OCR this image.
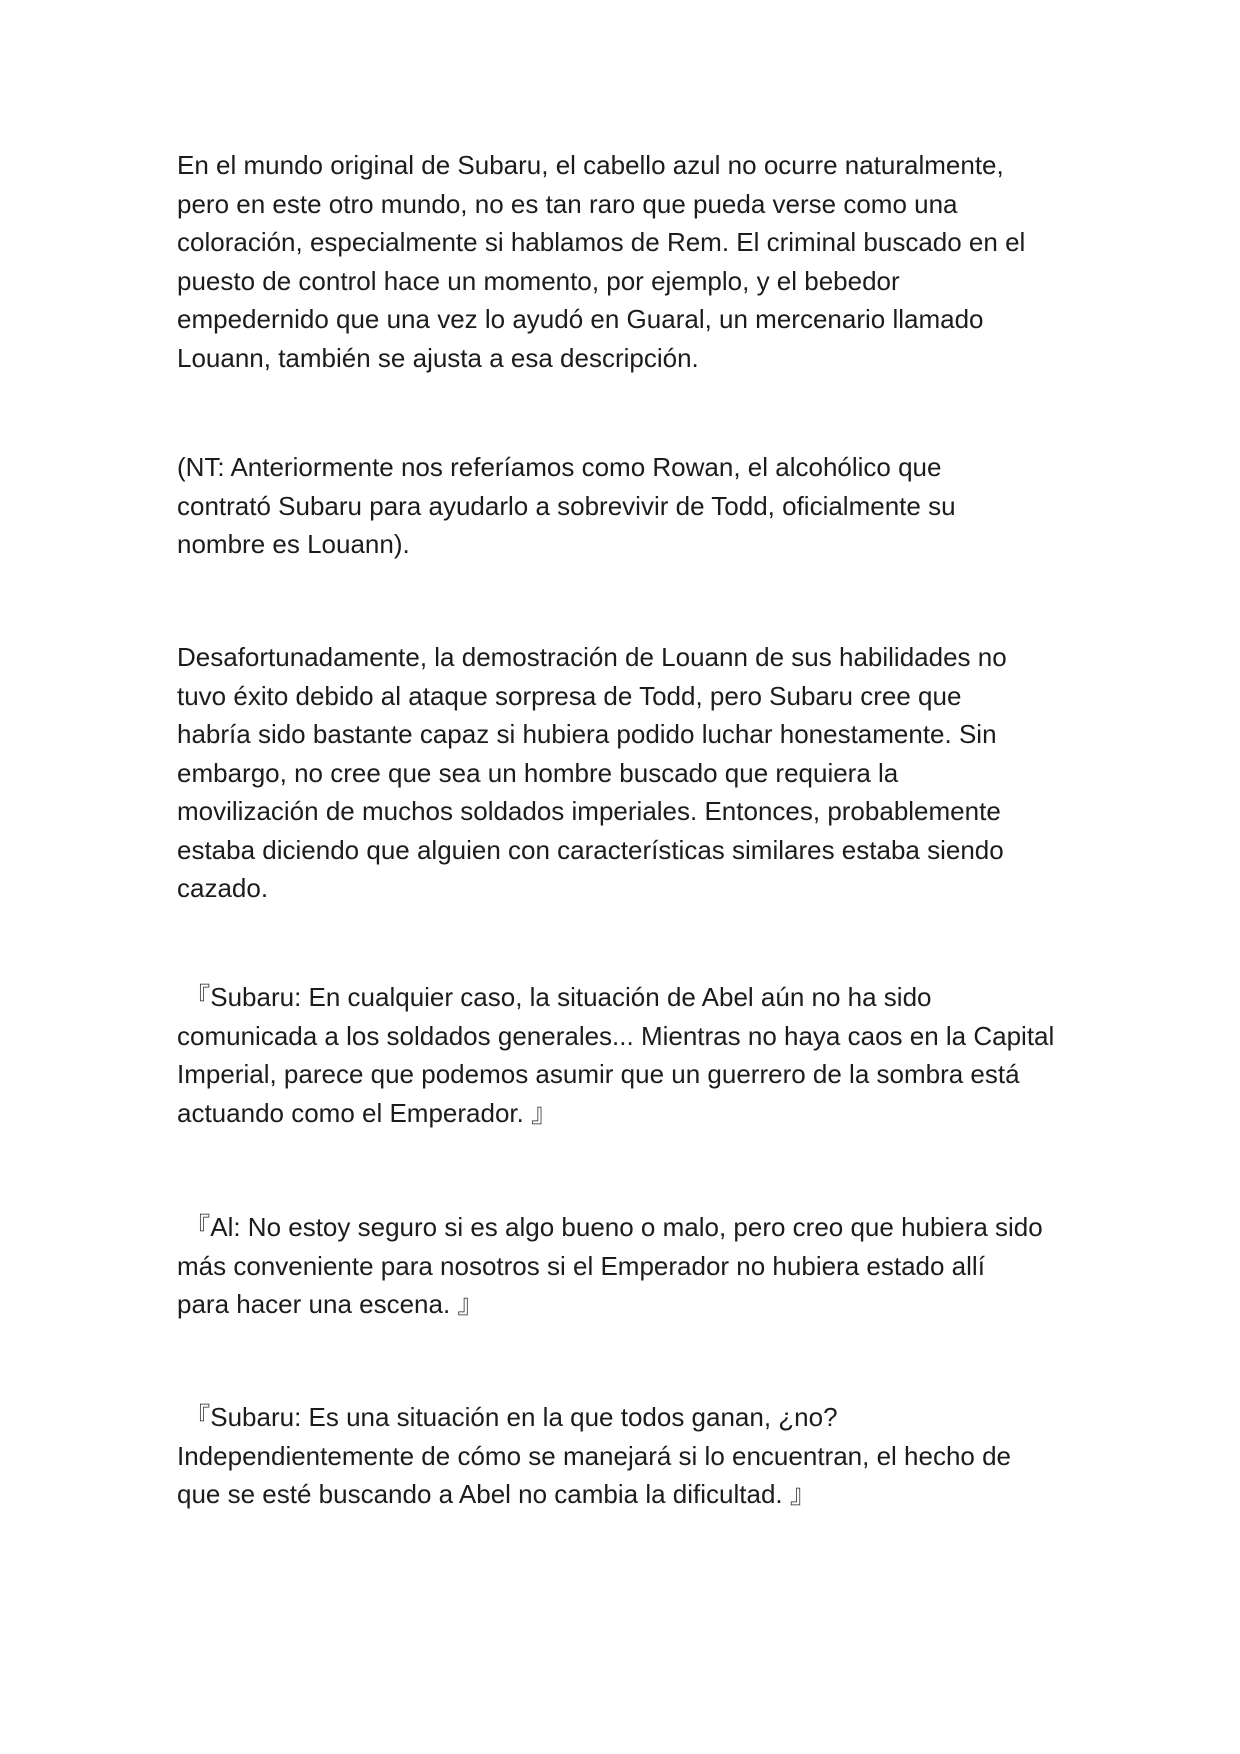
En el mundo original de Subaru, el cabello azul no ocurre naturalmente,
pero en este otro mundo, no es tan raro que pueda verse como una
coloración, especialmente si hablamos de Rem. El criminal buscado en el
puesto de control hace un momento, por ejemplo, y el bebedor
empedernido que una vez lo ayudó en Guaral, un mercenario llamado
Louann, también se ajusta a esa descripción.
(NT: Anteriormente nos referíamos como Rowan, el alcohólico que
contrató Subaru para ayudarlo a sobrevivir de Todd, oficialmente su
nombre es Louann).
Desafortunadamente, la demostración de Louann de sus habilidades no
tuvo éxito debido al ataque sorpresa de Todd, pero Subaru cree que
habría sido bastante capaz si hubiera podido luchar honestamente. Sin
embargo, no cree que sea un hombre buscado que requiera la
movilización de muchos soldados imperiales. Entonces, probablemente
estaba diciendo que alguien con características similares estaba siendo
cazado.
『Subaru: En cualquier caso, la situación de Abel aún no ha sido
comunicada a los soldados generales... Mientras no haya caos en la Capital
Imperial, parece que podemos asumir que un guerrero de la sombra está
actuando como el Emperador. 』
『Al: No estoy seguro si es algo bueno o malo, pero creo que hubiera sido
más conveniente para nosotros si el Emperador no hubiera estado allí
para hacer una escena. 』
『Subaru: Es una situación en la que todos ganan, ¿no?
Independientemente de cómo se manejará si lo encuentran, el hecho de
que se esté buscando a Abel no cambia la dificultad. 』
